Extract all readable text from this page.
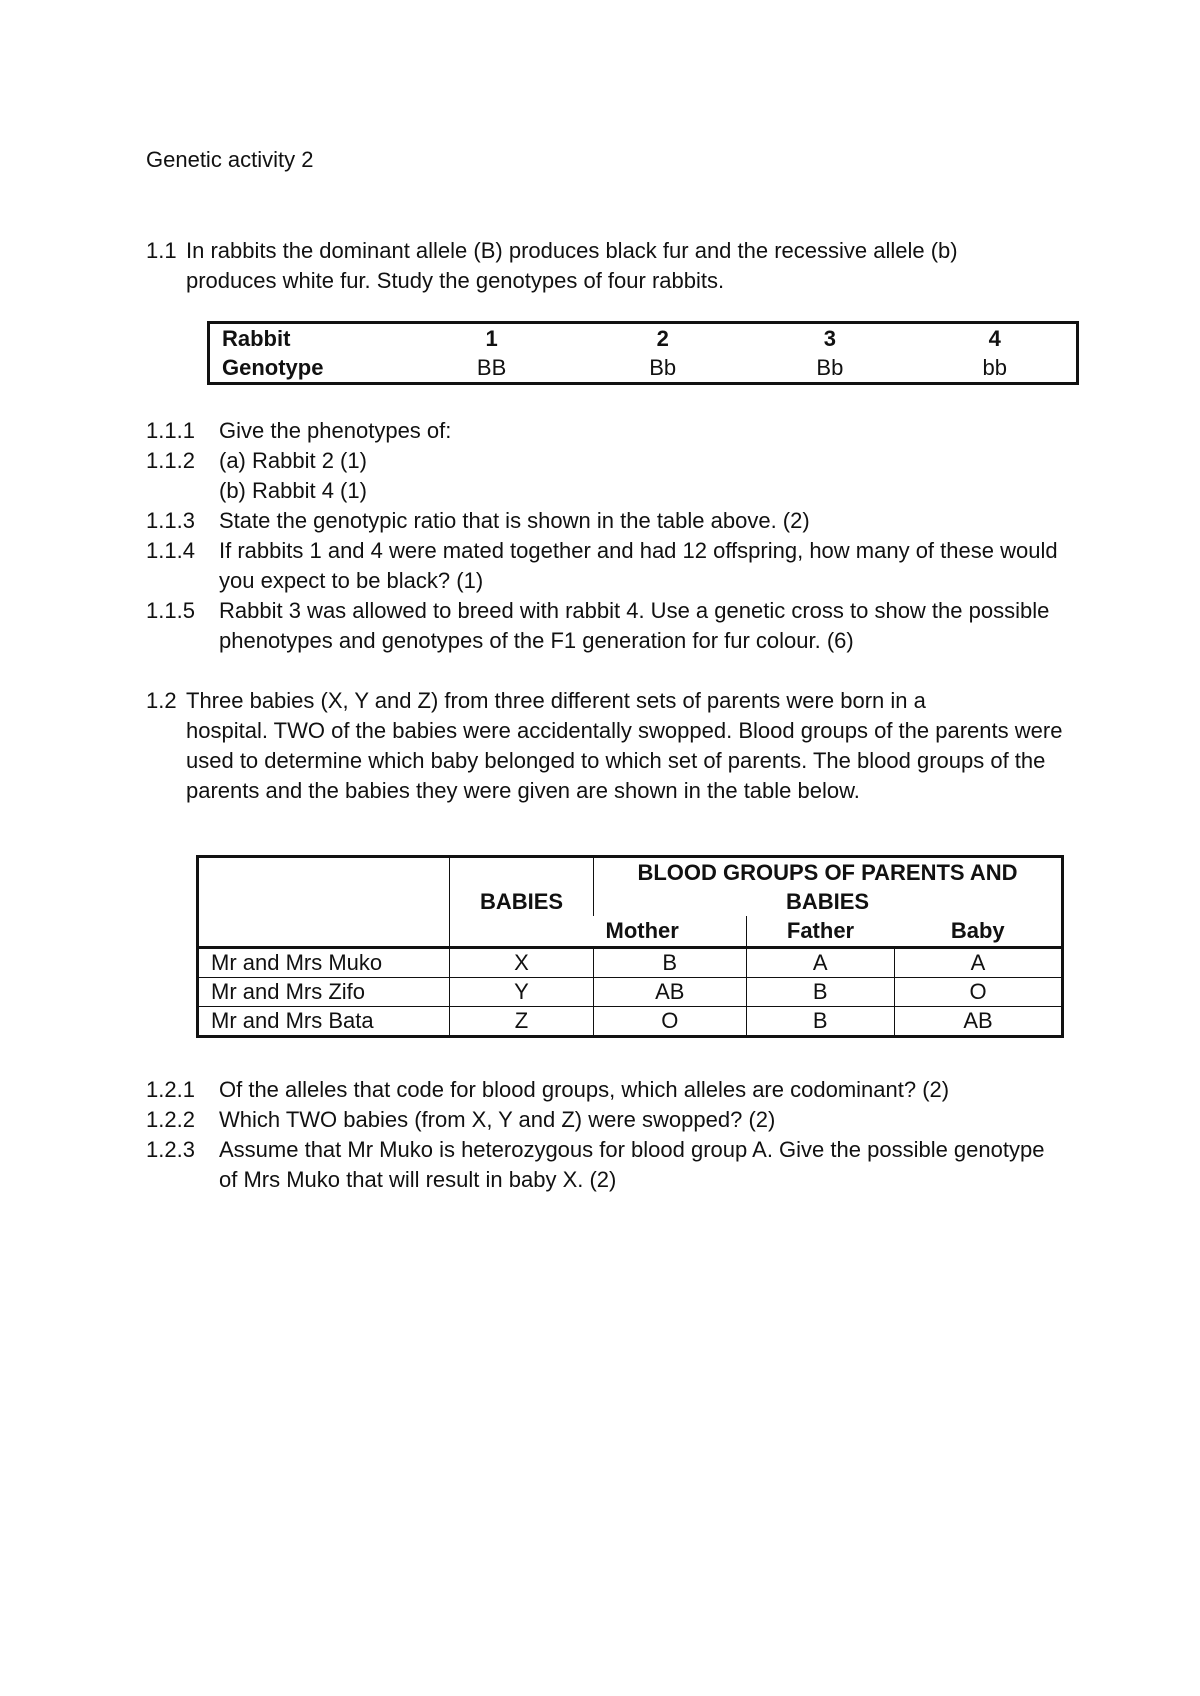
Genetic activity 2
1.1 In rabbits the dominant allele (B) produces black fur and the recessive allele (b)
produces white fur. Study the genotypes of four rabbits.
Rabbit	1	2	3	4
Genotype	BB	Bb	Bb	bb
1.1.1	Give the phenotypes of:
1.1.2	(a) Rabbit 2 (1)
(b) Rabbit 4 (1)
1.1.3	State the genotypic ratio that is shown in the table above. (2)
1.1.4	If rabbits 1 and 4 were mated together and had 12 offspring, how many of these would you expect to be black? (1)
1.1.5	Rabbit 3 was allowed to breed with rabbit 4. Use a genetic cross to show the possible phenotypes and genotypes of the F1 generation for fur colour. (6)
1.2 Three babies (X, Y and Z) from three different sets of parents were born in a
hospital. TWO of the babies were accidentally swopped. Blood groups of the parents were used to determine which baby belonged to which set of parents. The blood groups of the parents and the babies they were given are shown in the table below.
	BABIES	BLOOD GROUPS OF PARENTS AND BABIES		
		Mother	Father	Baby
Mr and Mrs Muko	X	B	A	A
Mr and Mrs Zifo	Y	AB	B	O
Mr and Mrs Bata	Z	O	B	AB
1.2.1	Of the alleles that code for blood groups, which alleles are codominant? (2)
1.2.2	Which TWO babies (from X, Y and Z) were swopped? (2)
1.2.3	Assume that Mr Muko is heterozygous for blood group A. Give the possible genotype of Mrs Muko that will result in baby X. (2)
